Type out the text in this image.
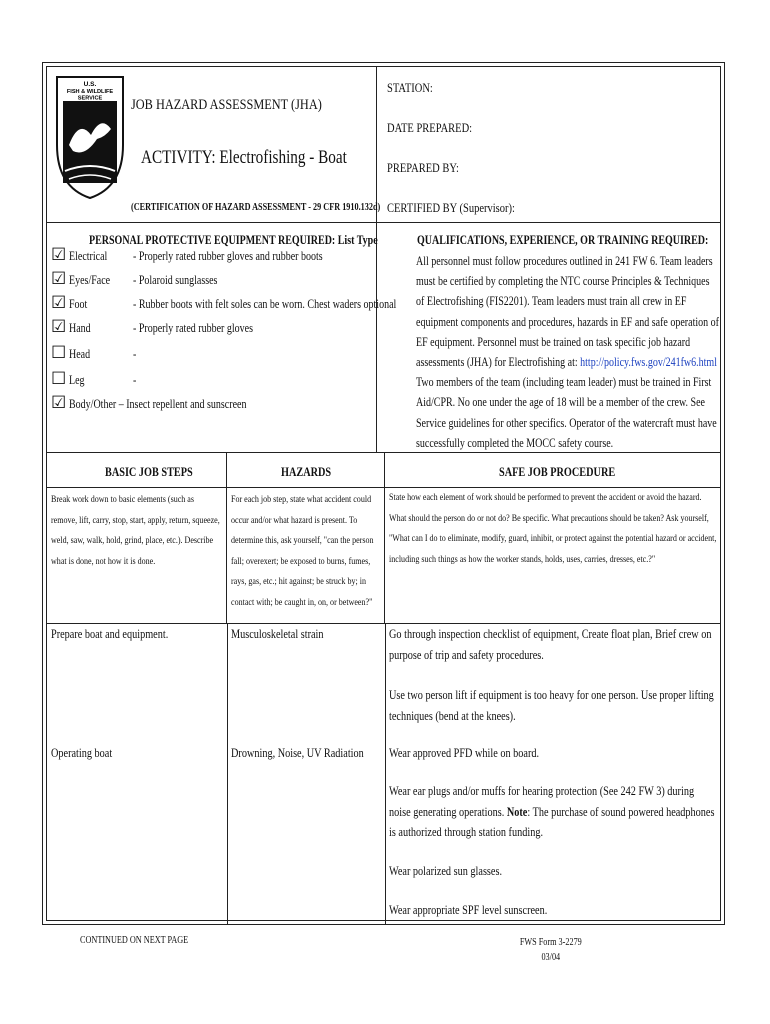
U.S.
FISH & WILDLIFE
SERVICE JOB HAZARD ASSESSMENT (JHA)
ACTIVITY: Electrofishing - Boat
(CERTIFICATION OF HAZARD ASSESSMENT - 29 CFR 1910.132d)
STATION:
DATE PREPARED:
PREPARED BY:
CERTIFIED BY (Supervisor):
PERSONAL PROTECTIVE EQUIPMENT REQUIRED: List Type
☑ Electrical - Properly rated rubber gloves and rubber boots
☑ Eyes/Face - Polaroid sunglasses
☑ Foot	- Rubber boots with felt soles can be worn. Chest waders optional
☑ Hand	- Properly rated rubber gloves
☐ Head	-
☐ Leg	-
☑ Body/Other – Insect repellent and sunscreen
QUALIFICATIONS, EXPERIENCE, OR TRAINING REQUIRED:
All personnel must follow procedures outlined in 241 FW 6. Team leaders must be certified by completing the NTC course Principles & Techniques of Electrofishing (FIS2201). Team leaders must train all crew in EF equipment components and procedures, hazards in EF and safe operation of EF equipment. Personnel must be trained on task specific job hazard assessments (JHA) for Electrofishing at: http://policy.fws.gov/241fw6.html Two members of the team (including team leader) must be trained in First Aid/CPR. No one under the age of 18 will be a member of the crew. See Service guidelines for other specifics. Operator of the watercraft must have successfully completed the MOCC safety course.
BASIC JOB STEPS	HAZARDS	SAFE JOB PROCEDURE
Break work down to basic elements (such as remove, lift, carry, stop, start, apply, return, squeeze, weld, saw, walk, hold, grind, place, etc.). Describe what is done, not how it is done.
For each job step, state what accident could occur and/or what hazard is present. To determine this, ask yourself, "can the person fall; overexert; be exposed to burns, fumes, rays, gas, etc.; hit against; be struck by; in contact with; be caught in, on, or between?"
State how each element of work should be performed to prevent the accident or avoid the hazard. What should the person do or not do? Be specific. What precautions should be taken? Ask yourself, "What can I do to eliminate, modify, guard, inhibit, or protect against the potential hazard or accident, including such things as how the worker stands, holds, uses, carries, dresses, etc.?"
Prepare boat and equipment.	Musculoskeletal strain	Go through inspection checklist of equipment, Create float plan, Brief crew on purpose of trip and safety procedures.
Use two person lift if equipment is too heavy for one person. Use proper lifting techniques (bend at the knees).
Operating boat	Drowning, Noise, UV Radiation	Wear approved PFD while on board.
Wear ear plugs and/or muffs for hearing protection (See 242 FW 3) during noise generating operations. Note: The purchase of sound powered headphones is authorized through station funding.
Wear polarized sun glasses.
Wear appropriate SPF level sunscreen.
CONTINUED ON NEXT PAGE	FWS Form 3-2279
03/04
